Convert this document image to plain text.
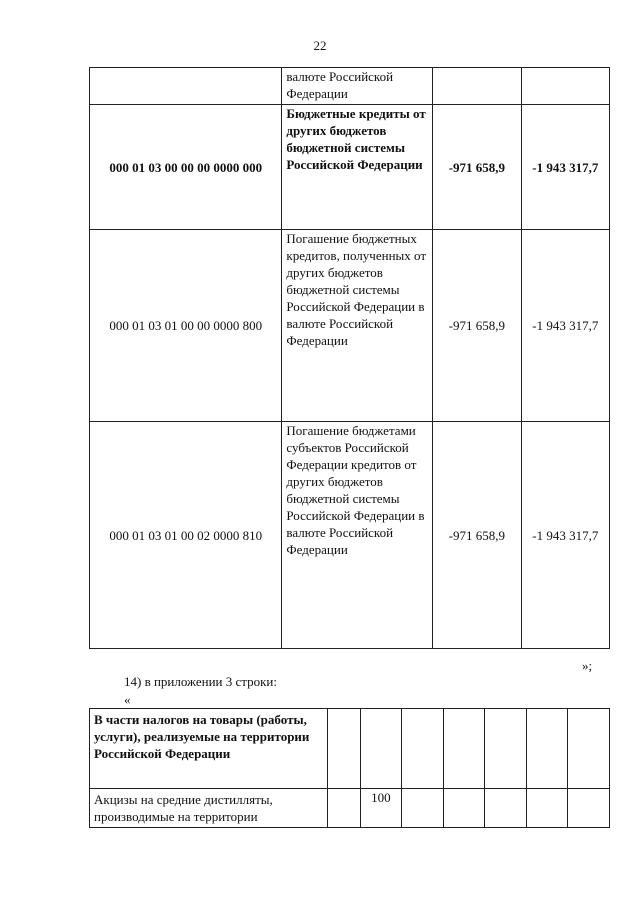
22
	валюте Российской Федерации		
000 01 03 00 00 00 0000 000	Бюджетные кредиты от других бюджетов бюджетной системы Российской Федерации	-971 658,9	-1 943 317,7
000 01 03 01 00 00 0000 800	Погашение бюджетных кредитов, полученных от других бюджетов бюджетной системы Российской Федерации в валюте Российской Федерации	-971 658,9	-1 943 317,7
000 01 03 01 00 02 0000 810	Погашение бюджетами субъектов Российской Федерации кредитов от других бюджетов бюджетной системы Российской Федерации в валюте Российской Федерации	-971 658,9	-1 943 317,7
»;
14) в приложении 3 строки:
«
В части налогов на товары (работы, услуги), реализуемые на территории Российской Федерации							
Акцизы на средние дистилляты, производимые на территории		100					
